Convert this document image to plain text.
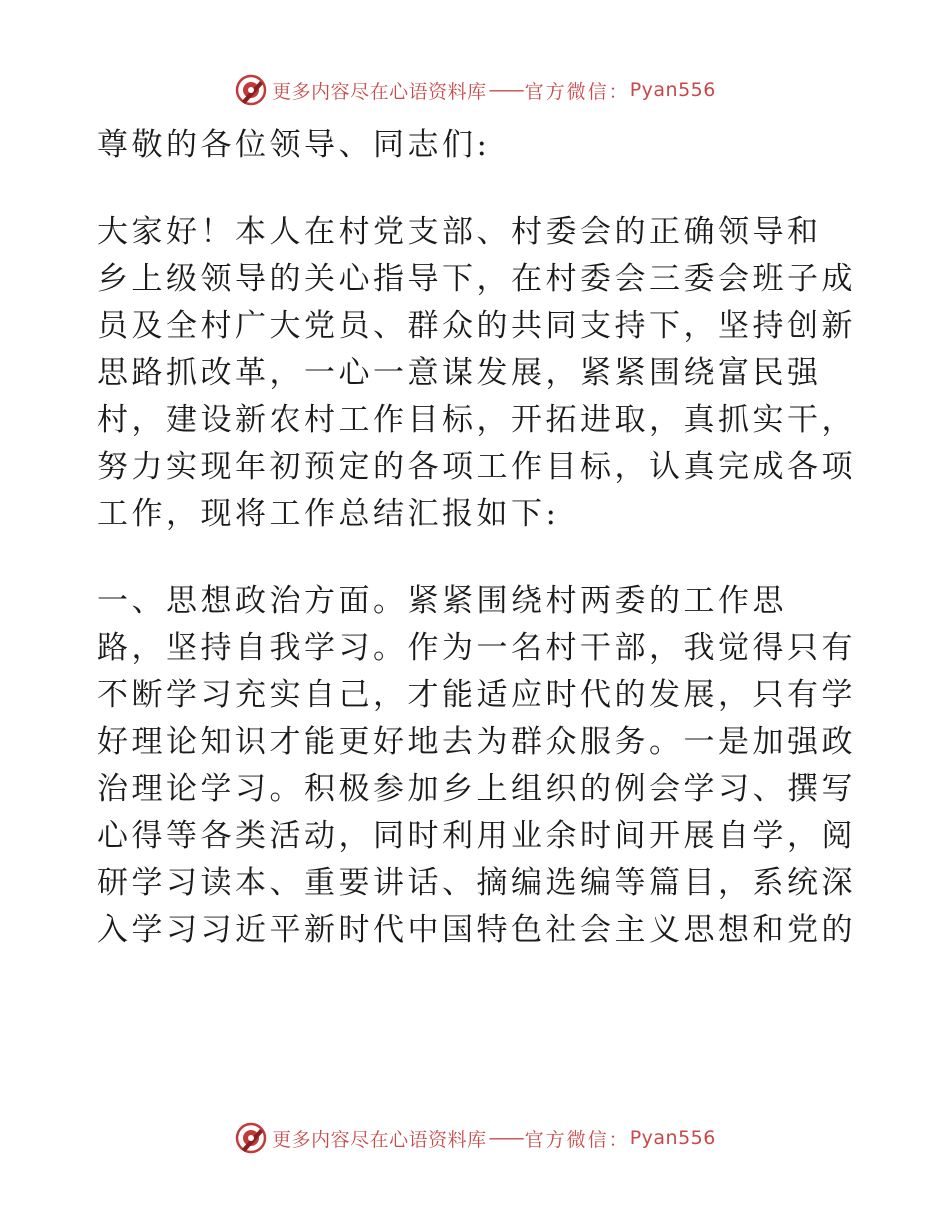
更多内容尽在心语资料库 —— 官方微信： Pyan556
尊敬的各位领导、同志们:
大家好！本人在村党支部、村委会的正确领导和
乡上级领导的关心指导下，在村委会三委会班子成
员及全村广大党员、群众的共同支持下，坚持创新
思路抓改革，一心一意谋发展，紧紧围绕富民强
村，建设新农村工作目标，开拓进取，真抓实干，
努力实现年初预定的各项工作目标，认真完成各项
工作，现将工作总结汇报如下:
一、思想政治方面。紧紧围绕村两委的工作思
路，坚持自我学习。作为一名村干部，我觉得只有
不断学习充实自己，才能适应时代的发展，只有学
好理论知识才能更好地去为群众服务。一是加强政
治理论学习。积极参加乡上组织的例会学习、撰写
心得等各类活动，同时利用业余时间开展自学，阅
研学习读本、重要讲话、摘编选编等篇目，系统深
入学习习近平新时代中国特色社会主义思想和党的
更多内容尽在心语资料库 —— 官方微信： Pyan556
